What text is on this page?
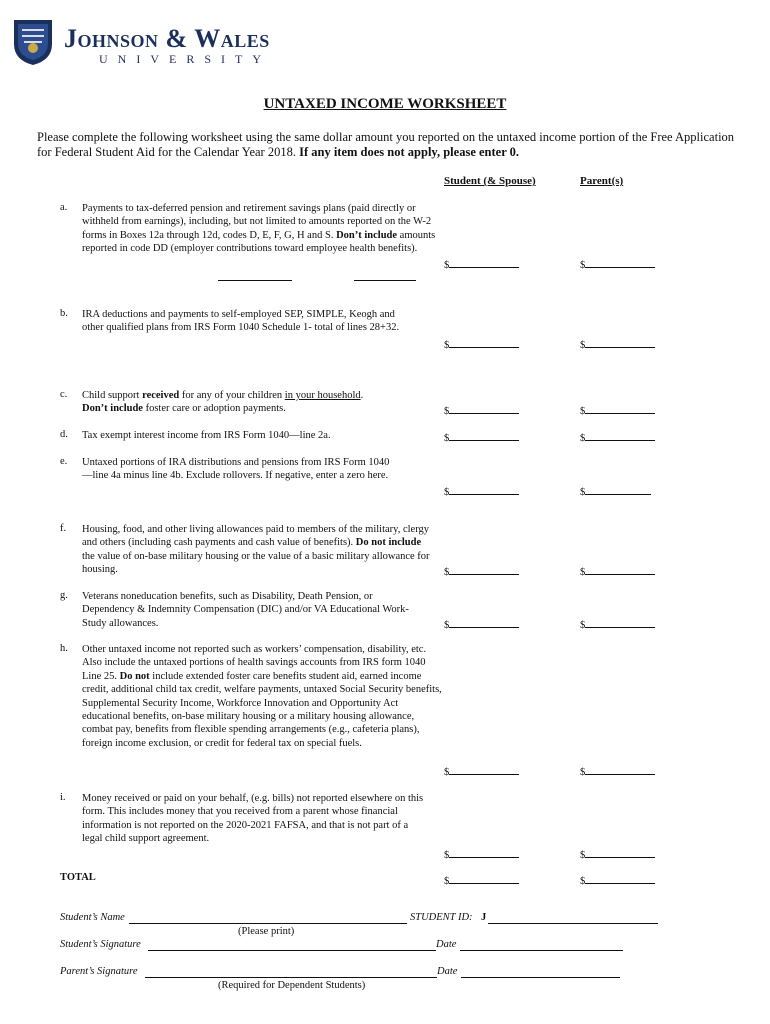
Johnson & Wales
UNIVERSITY
UNTAXED INCOME WORKSHEET
Please complete the following worksheet using the same dollar amount you reported on the untaxed income portion of the Free Application for Federal Student Aid for the Calendar Year 2018. If any item does not apply, please enter 0.
Student (& Spouse)	Parent(s)
a. Payments to tax-deferred pension and retirement savings plans (paid directly or withheld from earnings), including, but not limited to amounts reported on the W-2 forms in Boxes 12a through 12d, codes D, E, F, G, H and S. Don’t include amounts reported in code DD (employer contributions toward employee health benefits).
$	$
b. IRA deductions and payments to self-employed SEP, SIMPLE, Keogh and other qualified plans from IRS Form 1040 Schedule 1- total of lines 28+32.
$	$
c. Child support received for any of your children in your household.
Don’t include foster care or adoption payments.	$	$
d. Tax exempt interest income from IRS Form 1040—line 2a.	$	$
e. Untaxed portions of IRA distributions and pensions from IRS Form 1040—line 4a minus line 4b. Exclude rollovers. If negative, enter a zero here.
$	$
f. Housing, food, and other living allowances paid to members of the military, clergy and others (including cash payments and cash value of benefits). Do not include the value of on-base military housing or the value of a basic military allowance for housing.	$	$
g. Veterans noneducation benefits, such as Disability, Death Pension, or Dependency & Indemnity Compensation (DIC) and/or VA Educational Work-Study allowances.	$	$
h. Other untaxed income not reported such as workers’ compensation, disability, etc. Also include the untaxed portions of health savings accounts from IRS form 1040 Line 25. Do not include extended foster care benefits student aid, earned income credit, additional child tax credit, welfare payments, untaxed Social Security benefits, Supplemental Security Income, Workforce Innovation and Opportunity Act educational benefits, on-base military housing or a military housing allowance, combat pay, benefits from flexible spending arrangements (e.g., cafeteria plans), foreign income exclusion, or credit for federal tax on special fuels.
$	$
i. Money received or paid on your behalf, (e.g. bills) not reported elsewhere on this form. This includes money that you received from a parent whose financial information is not reported on the 2020-2021 FAFSA, and that is not part of a legal child support agreement.
$	$
TOTAL	$	$
Student’s Name	STUDENT ID: J
(Please print)
Student’s Signature	Date
Parent’s Signature	Date
(Required for Dependent Students)
